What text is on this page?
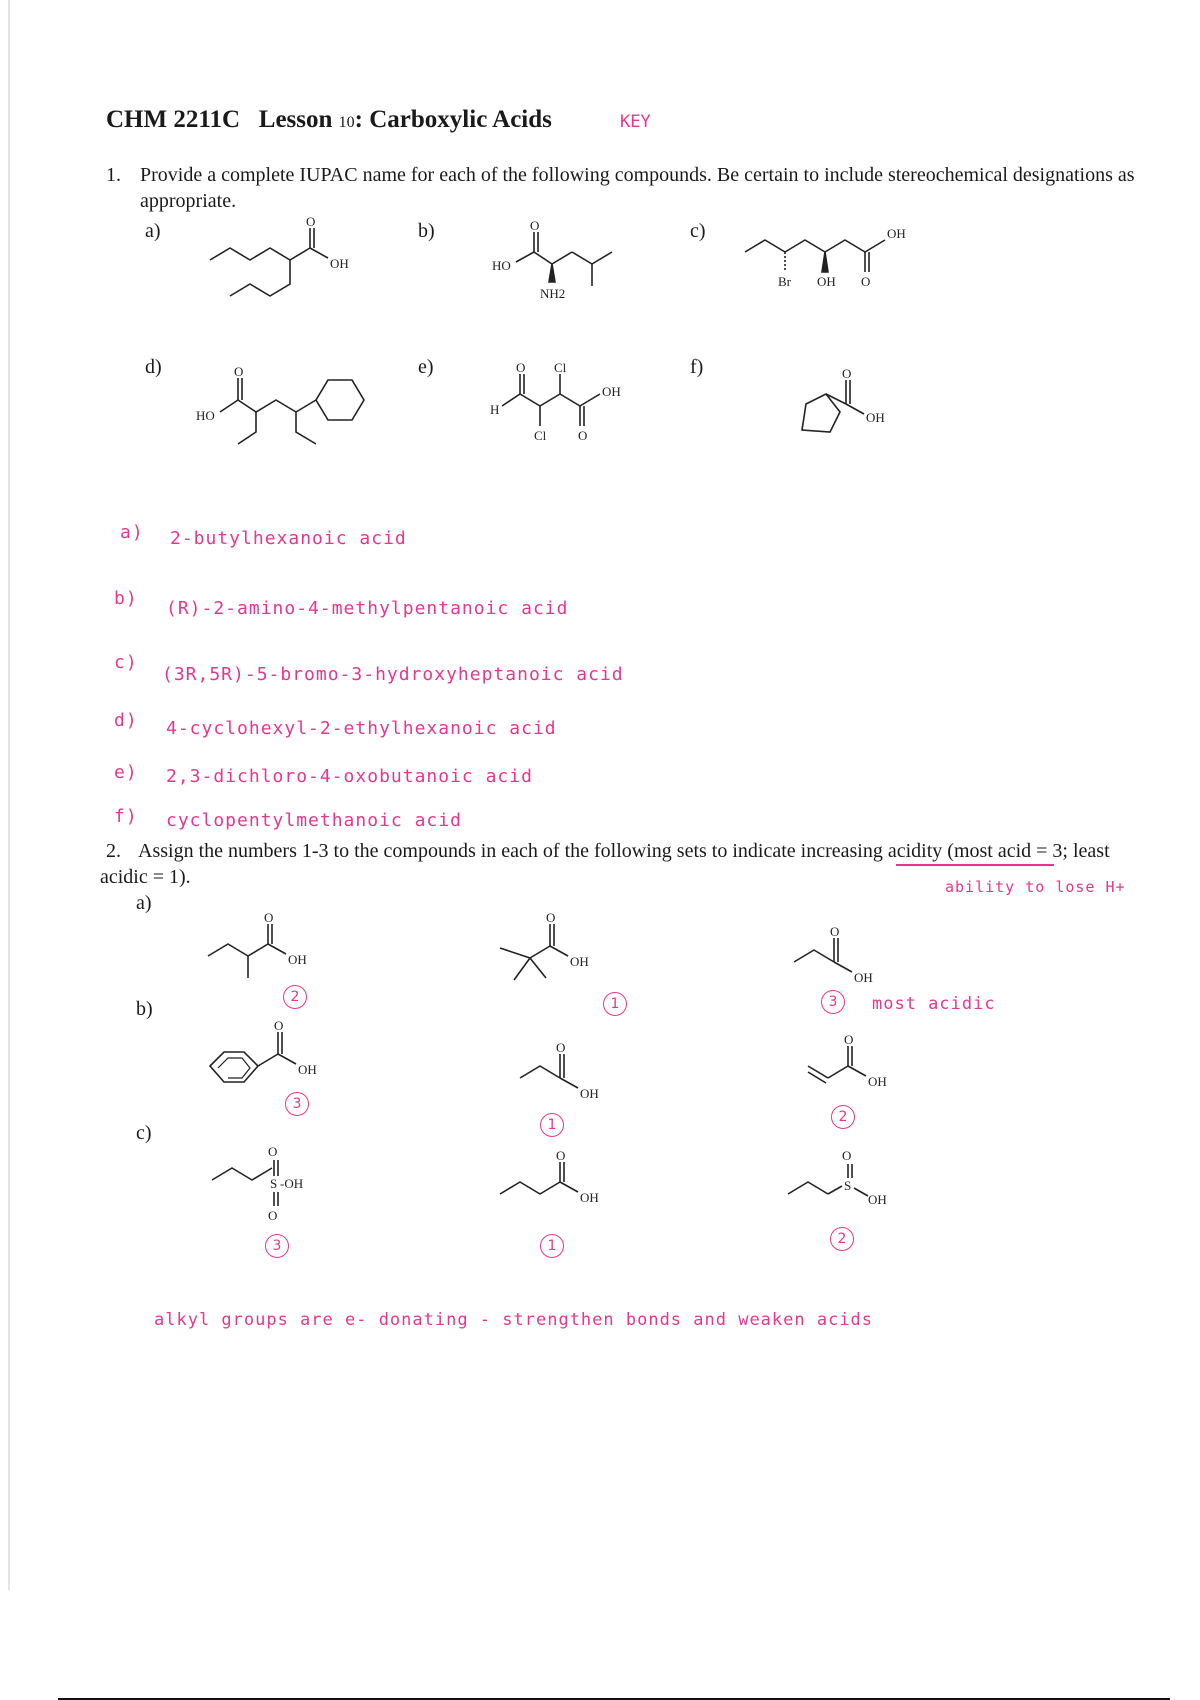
CHM 2211C Lesson 10: Carboxylic Acids	KEY
1. Provide a complete IUPAC name for each of the following compounds. Be certain to include stereochemical designations as appropriate.
a)	b)	c)
d)	e)	f)
O
OH	HO
O
NH2
OH
Br OH O
HO
O
H
O Cl
Cl
OH
O
O
OH
a) 2-butylhexanoic acid
b) (R)-2-amino-4-methylpentanoic acid
c)
(3R,5R)-5-bromo-3-hydroxyheptanoic acid
d) 4-cyclohexyl-2-ethylhexanoic acid
e) 2,3-dichloro-4-oxobutanoic acid
f) cyclopentylmethanoic acid
2. Assign the numbers 1-3 to the compounds in each of the following sets to indicate increasing acidity (most acid = 3; least acidic = 1).	ability to lose H+
a)
b)
c)
O
OH
2
O
OH
1
O
OH
3	most acidic
O
OH
3
O
OH
1
O
OH
2
O
S
O
-OH
3
O
OH
1
O
S
OH
2
alkyl groups are e- donating - strengthen bonds and weaken acids
